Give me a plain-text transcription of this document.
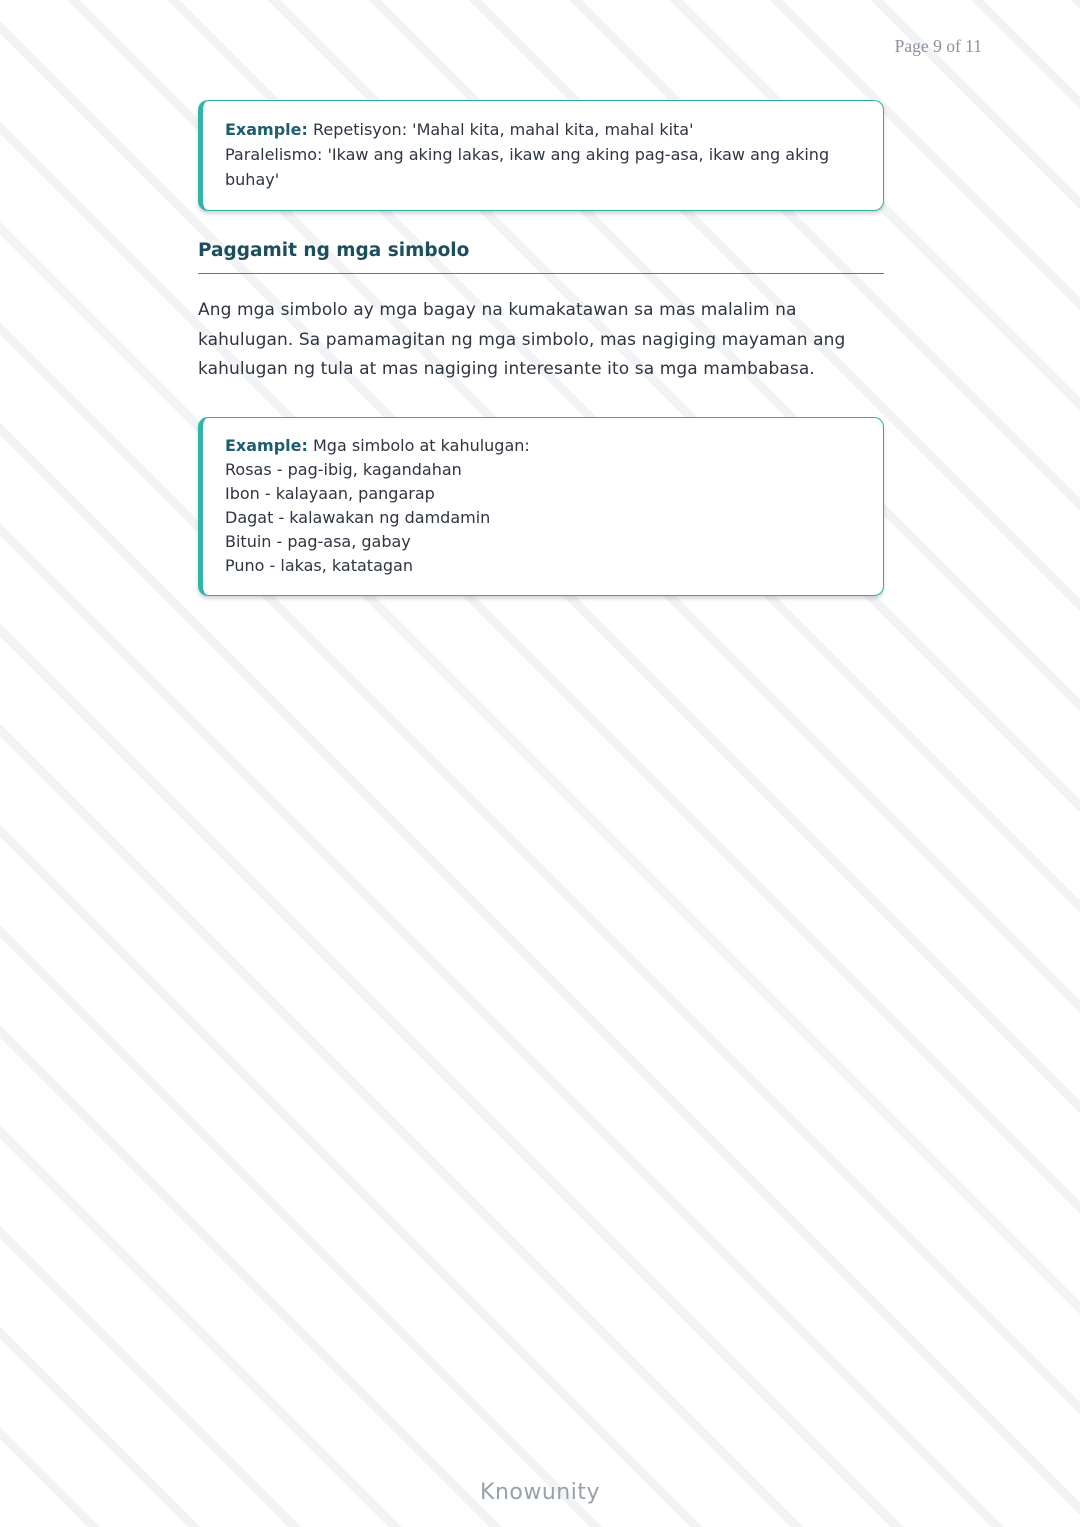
Page 9 of 11
Example: Repetisyon: 'Mahal kita, mahal kita, mahal kita'
Paralelismo: 'Ikaw ang aking lakas, ikaw ang aking pag-asa, ikaw ang aking buhay'
Paggamit ng mga simbolo

Ang mga simbolo ay mga bagay na kumakatawan sa mas malalim na kahulugan. Sa pamamagitan ng mga simbolo, mas nagiging mayaman ang kahulugan ng tula at mas nagiging interesante ito sa mga mambabasa.

Example: Mga simbolo at kahulugan:
Rosas - pag-ibig, kagandahan
Ibon - kalayaan, pangarap
Dagat - kalawakan ng damdamin
Bituin - pag-asa, gabay
Puno - lakas, katatagan
Knowunity
